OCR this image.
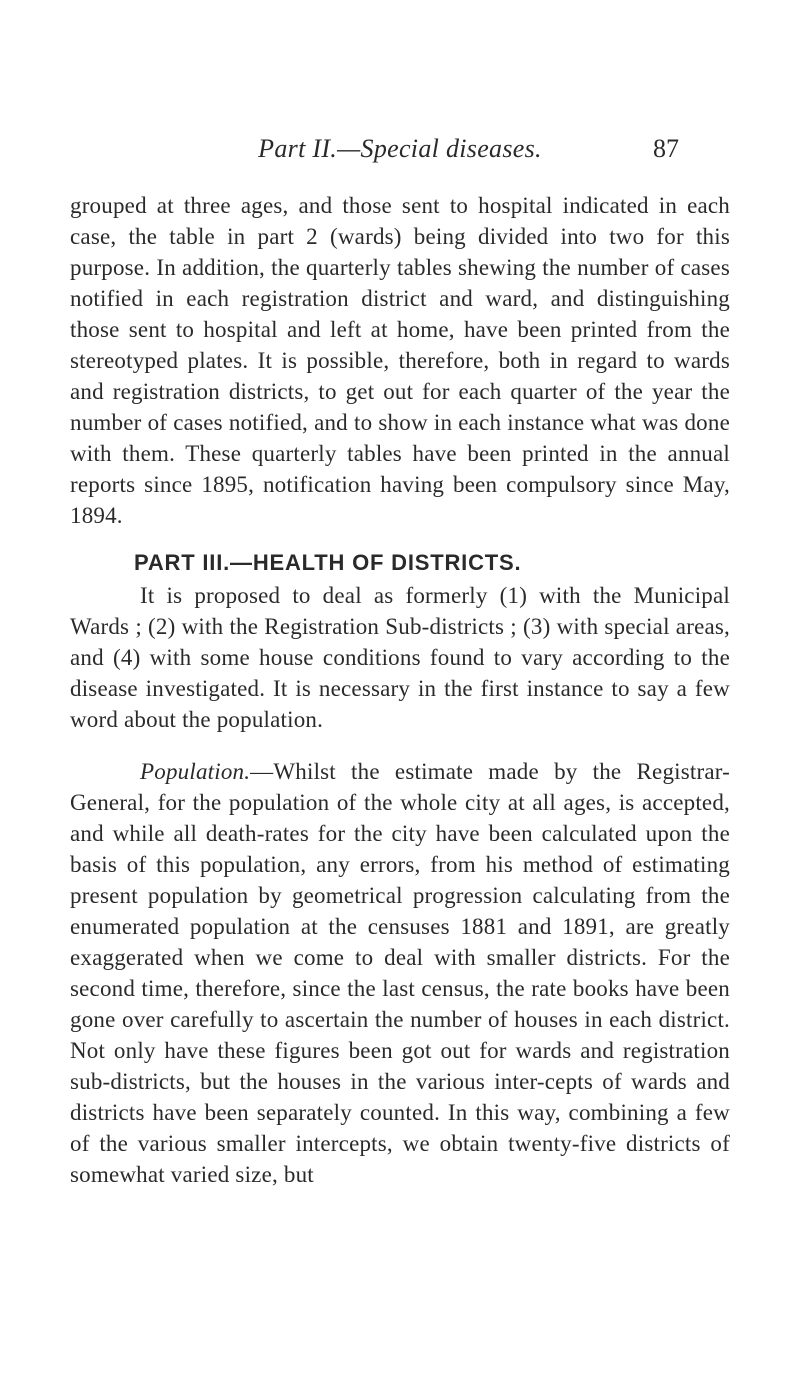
Part II.—Special diseases.	87

grouped at three ages, and those sent to hospital indicated in each case, the table in part 2 (wards) being divided into two for this purpose. In addition, the quarterly tables shewing the number of cases notified in each registration district and ward, and distinguishing those sent to hospital and left at home, have been printed from the stereotyped plates. It is possible, therefore, both in regard to wards and registration districts, to get out for each quarter of the year the number of cases notified, and to show in each instance what was done with them. These quarterly tables have been printed in the annual reports since 1895, notification having been compulsory since May, 1894.

PART III.—HEALTH OF DISTRICTS.

It is proposed to deal as formerly (1) with the Municipal Wards ; (2) with the Registration Sub-districts ; (3) with special areas, and (4) with some house conditions found to vary according to the disease investigated. It is necessary in the first instance to say a few word about the population.

Population.—Whilst the estimate made by the Registrar-General, for the population of the whole city at all ages, is accepted, and while all death-rates for the city have been calculated upon the basis of this population, any errors, from his method of estimating present population by geometrical progression calculating from the enumerated population at the censuses 1881 and 1891, are greatly exaggerated when we come to deal with smaller districts. For the second time, therefore, since the last census, the rate books have been gone over carefully to ascertain the number of houses in each district. Not only have these figures been got out for wards and registration sub-districts, but the houses in the various inter-cepts of wards and districts have been separately counted. In this way, combining a few of the various smaller intercepts, we obtain twenty-five districts of somewhat varied size, but
